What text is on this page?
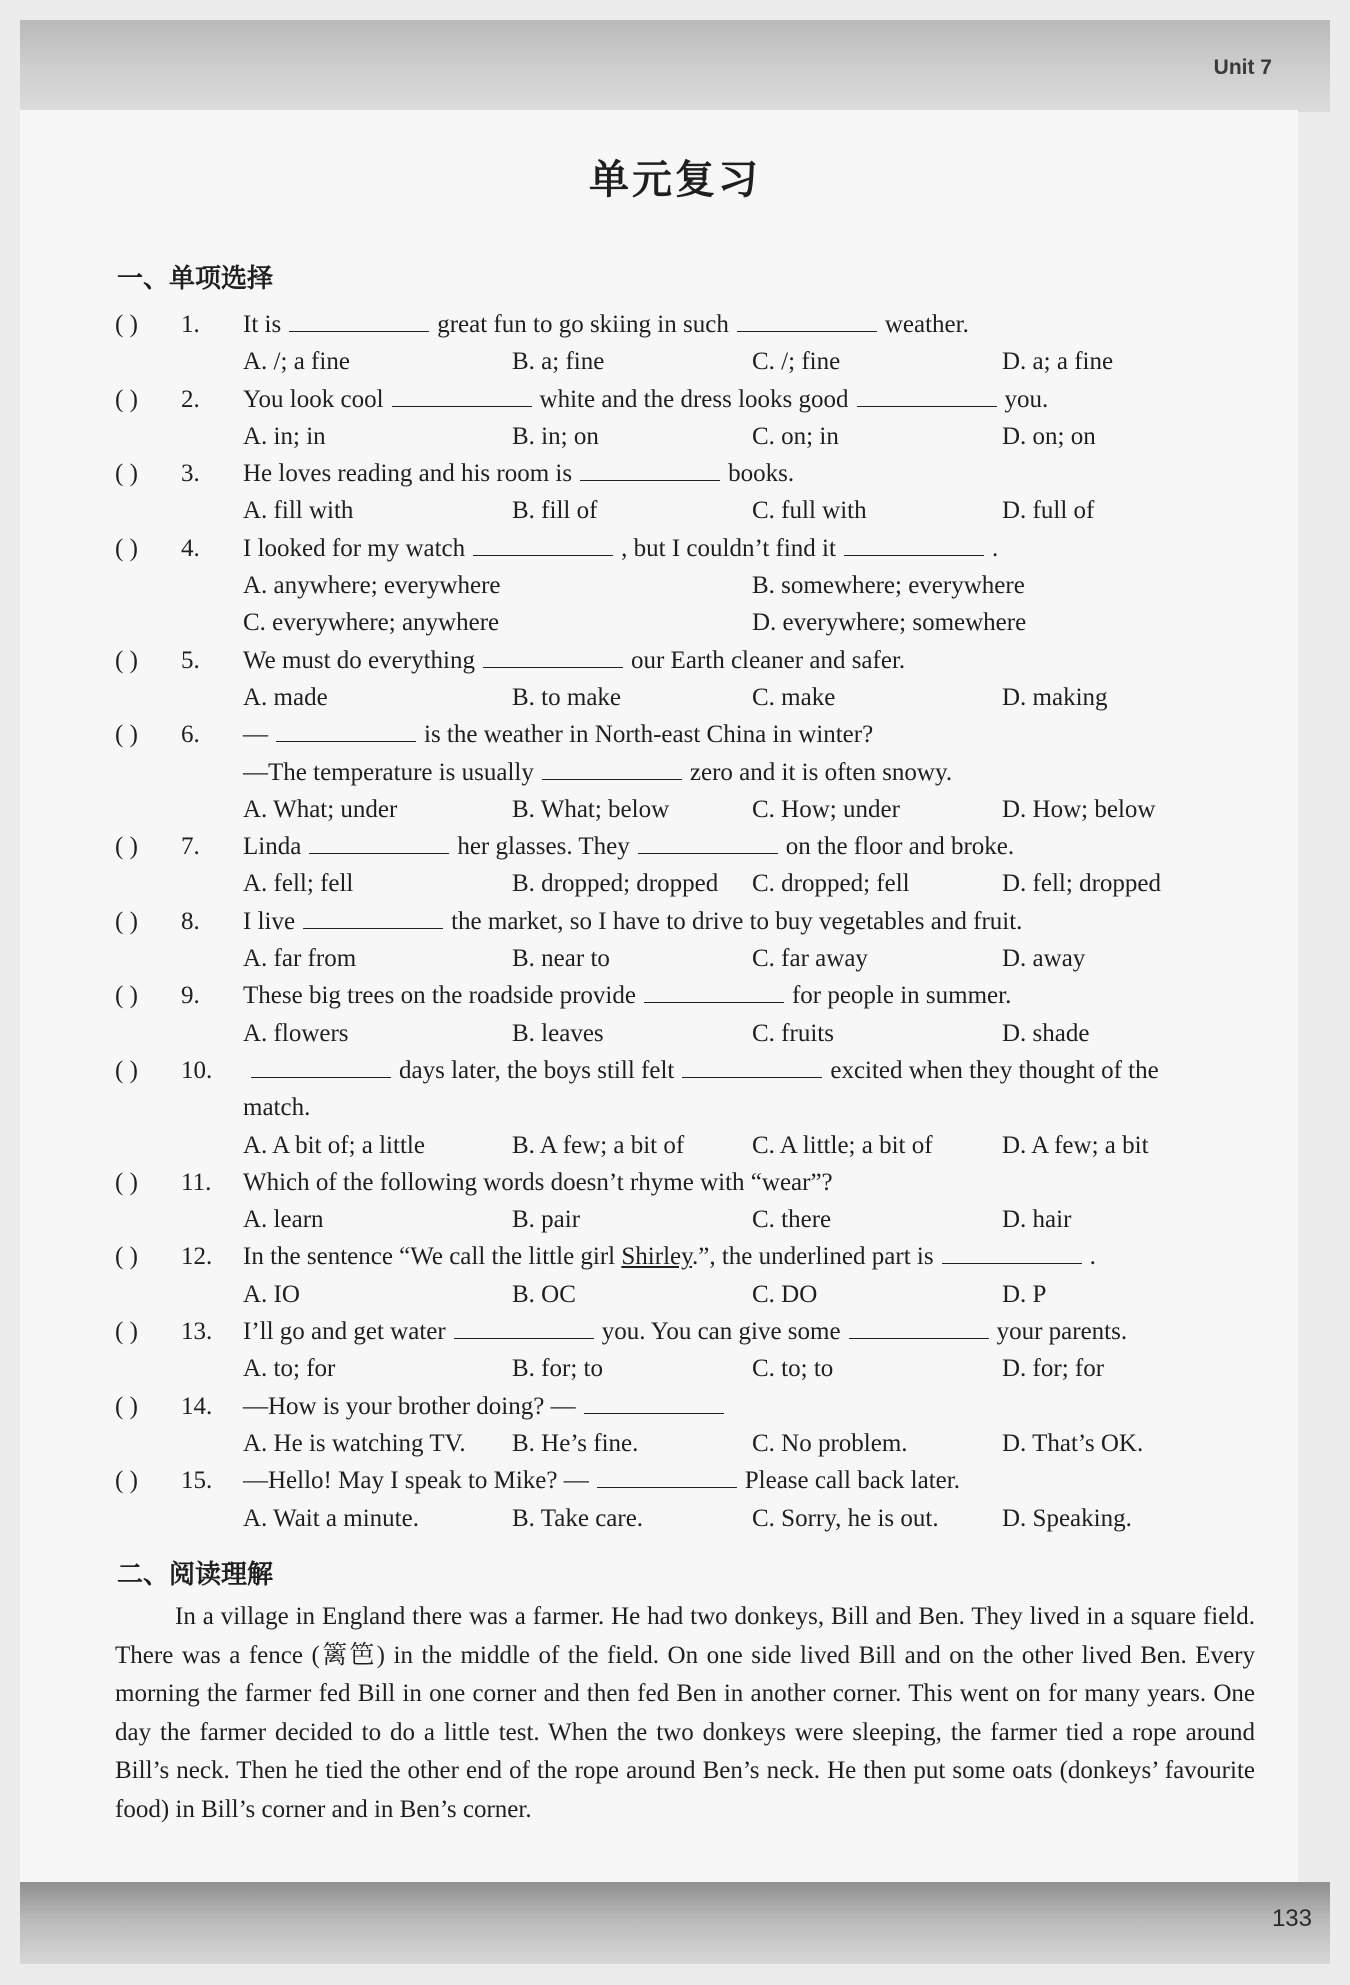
Unit 7
133
单元复习
一、单项选择
( ) 1. It is	great fun to go skiing in such	weather.
A. /; a fine	B. a; fine	C. /; fine	D. a; a fine
( ) 2. You look cool	white and the dress looks good	you.
A. in; in	B. in; on	C. on; in	D. on; on
( ) 3. He loves reading and his room is	books.
A. fill with	B. fill of	C. full with	D. full of
( ) 4. I looked for my watch	, but I couldn’t find it	.
A. anywhere; everywhere	B. somewhere; everywhere
C. everywhere; anywhere	D. everywhere; somewhere
( ) 5. We must do everything	our Earth cleaner and safer.
A. made	B. to make	C. make	D. making
( ) 6. —	is the weather in North-east China in winter?
—The temperature is usually	zero and it is often snowy.
A. What; under	B. What; below	C. How; under	D. How; below
( ) 7. Linda	her glasses. They	on the floor and broke.
A. fell; fell	B. dropped; dropped C. dropped; fell	D. fell; dropped
( ) 8. I live	the market, so I have to drive to buy vegetables and fruit.
A. far from	B. near to	C. far away	D. away
( ) 9. These big trees on the roadside provide	for people in summer.
A. flowers	B. leaves	C. fruits	D. shade
( ) 10.	days later, the boys still felt	excited when they thought of the
match.
A. A bit of; a little	B. A few; a bit of	C. A little; a bit of	D. A few; a bit
( ) 11. Which of the following words doesn’t rhyme with “wear”?
A. learn	B. pair	C. there	D. hair
( ) 12. In the sentence “We call the little girl Shirley.”, the underlined part is	.
A. IO	B. OC	C. DO	D. P
( ) 13. I’ll go and get water	you. You can give some	your parents.
A. to; for	B. for; to	C. to; to	D. for; for
( ) 14. —How is your brother doing? —
A. He is watching TV. B. He’s fine.	C. No problem.	D. That’s OK.
( ) 15. —Hello! May I speak to Mike? —	Please call back later.
A. Wait a minute.	B. Take care.	C. Sorry, he is out.	D. Speaking.
二、阅读理解

In a village in England there was a farmer. He had two donkeys, Bill and Ben. They lived in a square field. There was a fence (篱笆) in the middle of the field. On one side lived Bill and on the other lived Ben. Every morning the farmer fed Bill in one corner and then fed Ben in another corner. This went on for many years. One day the farmer decided to do a little test. When the two donkeys were sleeping, the farmer tied a rope around Bill’s neck. Then he tied the other end of the rope around Ben’s neck. He then put some oats (donkeys’ favourite food) in Bill’s corner and in Ben’s corner.
